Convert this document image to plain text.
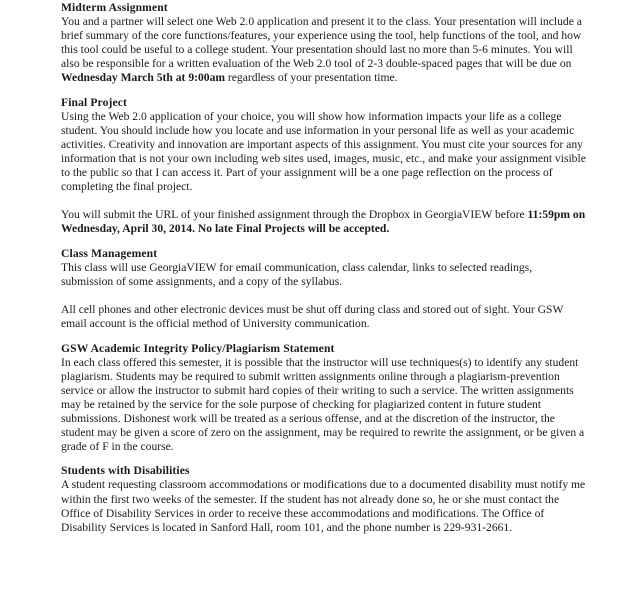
Midterm Assignment

You and a partner will select one Web 2.0 application and present it to the class. Your presentation will include a brief summary of the core functions/features, your experience using the tool, help functions of the tool, and how this tool could be useful to a college student. Your presentation should last no more than 5-6 minutes. You will also be responsible for a written evaluation of the Web 2.0 tool of 2-3 double-spaced pages that will be due on Wednesday March 5th at 9:00am regardless of your presentation time.

Final Project

Using the Web 2.0 application of your choice, you will show how information impacts your life as a college student. You should include how you locate and use information in your personal life as well as your academic activities. Creativity and innovation are important aspects of this assignment. You must cite your sources for any information that is not your own including web sites used, images, music, etc., and make your assignment visible to the public so that I can access it. Part of your assignment will be a one page reflection on the process of completing the final project.

You will submit the URL of your finished assignment through the Dropbox in GeorgiaVIEW before 11:59pm on Wednesday, April 30, 2014. No late Final Projects will be accepted.

Class Management

This class will use GeorgiaVIEW for email communication, class calendar, links to selected readings, submission of some assignments, and a copy of the syllabus.

All cell phones and other electronic devices must be shut off during class and stored out of sight. Your GSW email account is the official method of University communication.

GSW Academic Integrity Policy/Plagiarism Statement

In each class offered this semester, it is possible that the instructor will use techniques(s) to identify any student plagiarism. Students may be required to submit written assignments online through a plagiarism-prevention service or allow the instructor to submit hard copies of their writing to such a service. The written assignments may be retained by the service for the sole purpose of checking for plagiarized content in future student submissions. Dishonest work will be treated as a serious offense, and at the discretion of the instructor, the student may be given a score of zero on the assignment, may be required to rewrite the assignment, or be given a grade of F in the course.

Students with Disabilities

A student requesting classroom accommodations or modifications due to a documented disability must notify me within the first two weeks of the semester. If the student has not already done so, he or she must contact the Office of Disability Services in order to receive these accommodations and modifications. The Office of Disability Services is located in Sanford Hall, room 101, and the phone number is 229-931-2661.
